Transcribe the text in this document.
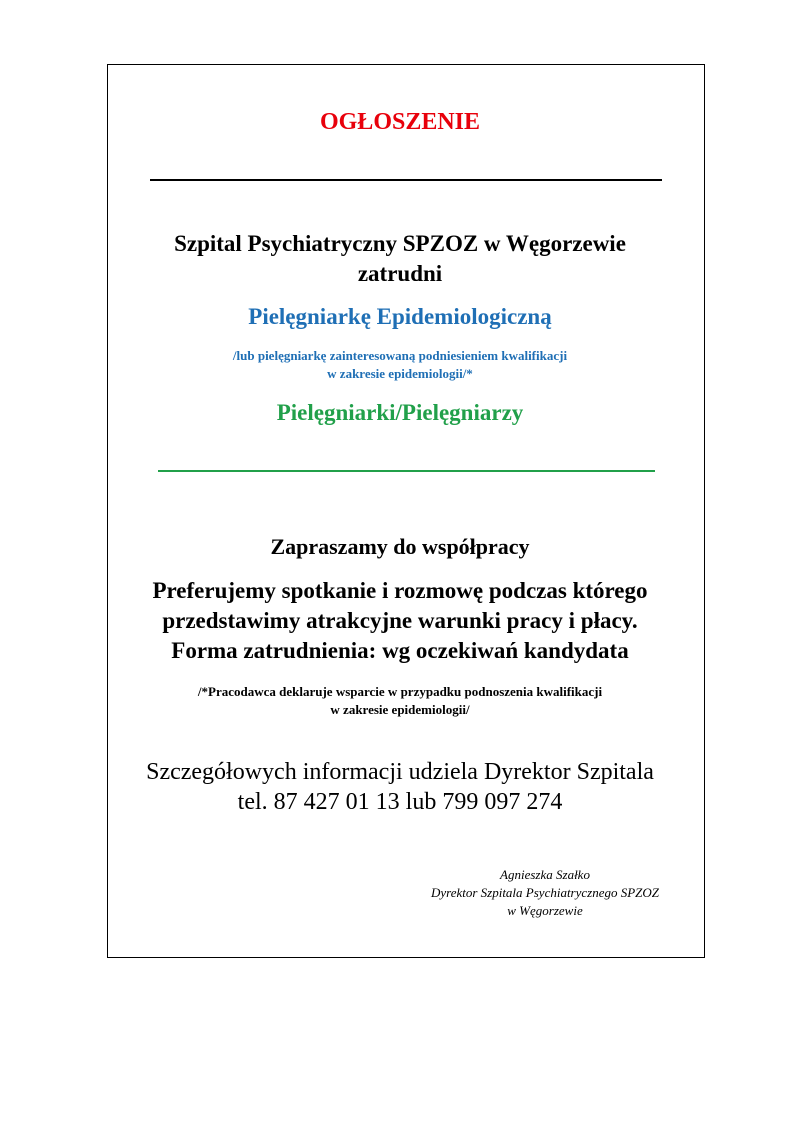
OGŁOSZENIE
Szpital Psychiatryczny SPZOZ w Węgorzewie
zatrudni
Pielęgniarkę Epidemiologiczną
/lub pielęgniarkę zainteresowaną podniesieniem kwalifikacji
w zakresie epidemiologii/*
Pielęgniarki/Pielęgniarzy
Zapraszamy do współpracy
Preferujemy spotkanie i rozmowę podczas którego
przedstawimy atrakcyjne warunki pracy i płacy.
Forma zatrudnienia: wg oczekiwań kandydata
/*Pracodawca deklaruje wsparcie w przypadku podnoszenia kwalifikacji
w zakresie epidemiologii/
Szczegółowych informacji udziela Dyrektor Szpitala
tel. 87 427 01 13 lub 799 097 274
Agnieszka Szałko
Dyrektor Szpitala Psychiatrycznego SPZOZ
w Węgorzewie
